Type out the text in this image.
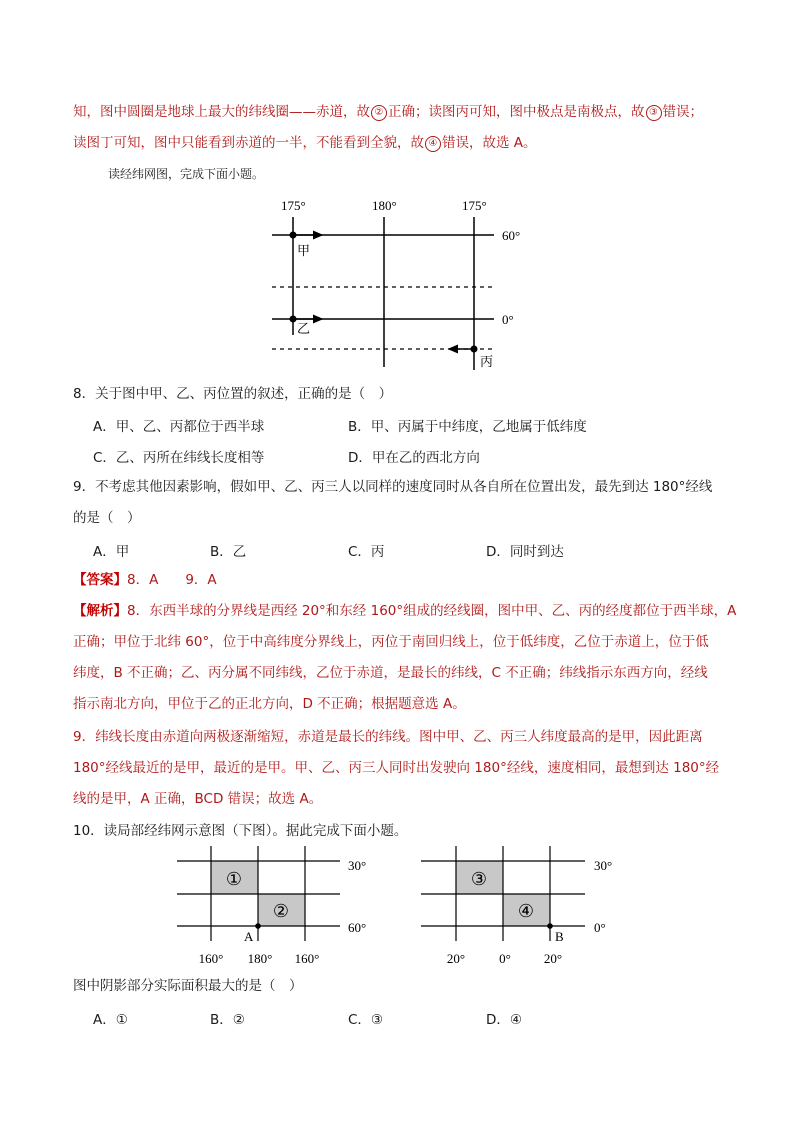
知，图中圆圈是地球上最大的纬线圈——赤道，故 ② 正确；读图丙可知，图中极点是南极点，故 ③ 错误；
读图丁可知，图中只能看到赤道的一半，不能看到全貌，故 ④ 错误，故选 A。
读经纬网图，完成下面小题。
175°	180°	175°
60°
0°
甲
乙
丙
8．关于图中甲、乙、丙位置的叙述，正确的是（　）
A．甲、乙、丙都位于西半球	B．甲、丙属于中纬度，乙地属于低纬度
C．乙、丙所在纬线长度相等	D．甲在乙的西北方向
9．不考虑其他因素影响，假如甲、乙、丙三人以同样的速度同时从各自所在位置出发，最先到达 180°经线
的是（　）
A．甲	B．乙	C．丙	D．同时到达
【答案】8．A　　9．A
【解析】8．东西半球的分界线是西经 20°和东经 160°组成的经线圈，图中甲、乙、丙的经度都位于西半球，A
正确；甲位于北纬 60°，位于中高纬度分界线上，丙位于南回归线上，位于低纬度，乙位于赤道上，位于低
纬度，B 不正确；乙、丙分属不同纬线，乙位于赤道，是最长的纬线，C 不正确；纬线指示东西方向，经线
指示南北方向，甲位于乙的正北方向，D 不正确；根据题意选 A。
9．纬线长度由赤道向两极逐渐缩短，赤道是最长的纬线。图中甲、乙、丙三人纬度最高的是甲，因此距离
180°经线最近的是甲，最近的是甲。甲、乙、丙三人同时出发驶向 180°经线，速度相同，最想到达 180°经
线的是甲，A 正确，BCD 错误；故选 A。
10．读局部经纬网示意图（下图）。据此完成下面小题。
①
②
30°
60°
A
160° 180° 160°
③
④
30°
0°
B
20°	0°	20°
图中阴影部分实际面积最大的是（　）
A．①	B．②	C．③	D．④
